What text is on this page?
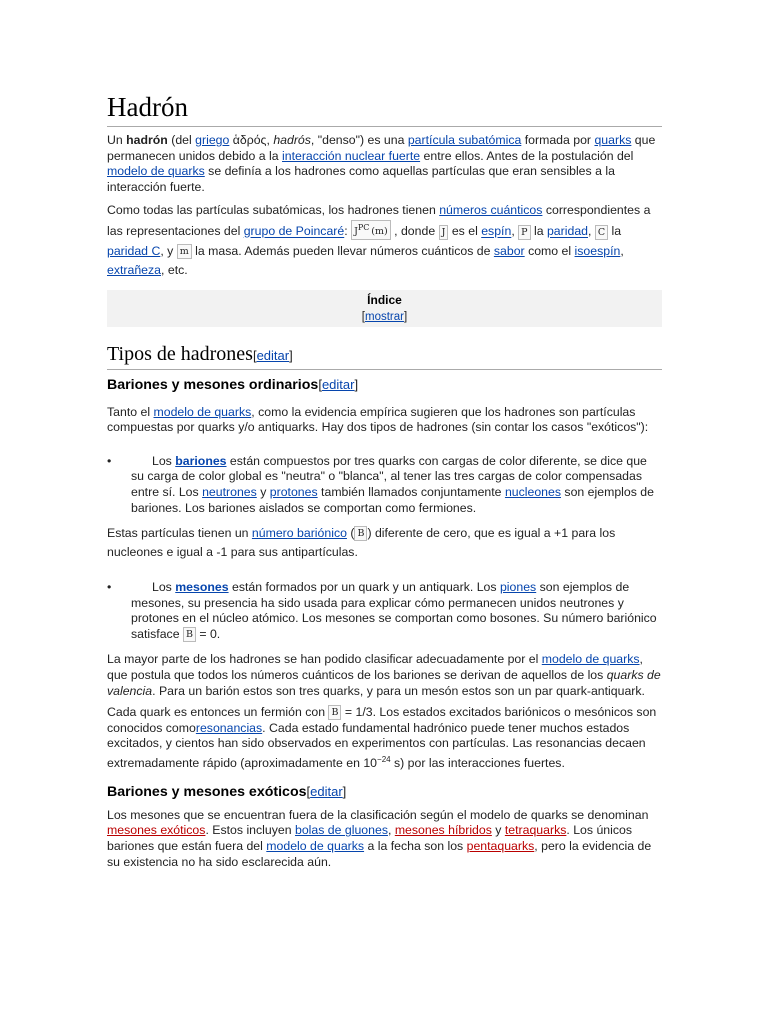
Hadrón

Un hadrón (del griego ἁδρός, hadrós, "denso") es una partícula subatómica formada por quarks que permanecen unidos debido a la interacción nuclear fuerte entre ellos. Antes de la postulación del modelo de quarks se definía a los hadrones como aquellas partículas que eran sensibles a la interacción fuerte.

Como todas las partículas subatómicas, los hadrones tienen números cuánticos correspondientes a las representaciones del grupo de Poincaré: $J^{PC}$  (m) , donde J es el espín, P la paridad, C la paridad C, y m la masa. Además pueden llevar números cuánticos de sabor como el isoespín, extrañeza, etc.

Índice
[mostrar]
Tipos de hadrones[editar]
Bariones y mesones ordinarios[editar]

Tanto el modelo de quarks, como la evidencia empírica sugieren que los hadrones son partículas compuestas por quarks y/o antiquarks. Hay dos tipos de hadrones (sin contar los casos "exóticos"):

•	Los bariones están compuestos por tres quarks con cargas de color diferente, se dice que su carga de color global es "neutra" o "blanca", al tener las tres cargas de color compensadas entre sí. Los neutrones y protones también llamados conjuntamente nucleones son ejemplos de bariones. Los bariones aislados se comportan como fermiones.

Estas partículas tienen un número bariónico ( B ) diferente de cero, que es igual a +1 para los nucleones e igual a -1 para sus antipartículas.

•	Los mesones están formados por un quark y un antiquark. Los piones son ejemplos de mesones, su presencia ha sido usada para explicar cómo permanecen unidos neutrones y protones en el núcleo atómico. Los mesones se comportan como bosones. Su número bariónico satisface B = 0.

La mayor parte de los hadrones se han podido clasificar adecuadamente por el modelo de quarks, que postula que todos los números cuánticos de los bariones se derivan de aquellos de los quarks de valencia. Para un barión estos son tres quarks, y para un mesón estos son un par quark-antiquark.

Cada quark es entonces un fermión con B = 1/3. Los estados excitados bariónicos o mesónicos son conocidos comoresonancias. Cada estado fundamental hadrónico puede tener muchos estados excitados, y cientos han sido observados en experimentos con partículas. Las resonancias decaen extremadamente rápido (aproximadamente en $10^{-24}$ s) por las interacciones fuertes.

Bariones y mesones exóticos[editar]

Los mesones que se encuentran fuera de la clasificación según el modelo de quarks se denominan mesones exóticos. Estos incluyen bolas de gluones, mesones híbridos y tetraquarks. Los únicos bariones que están fuera del modelo de quarks a la fecha son los pentaquarks, pero la evidencia de su existencia no ha sido esclarecida aún.
